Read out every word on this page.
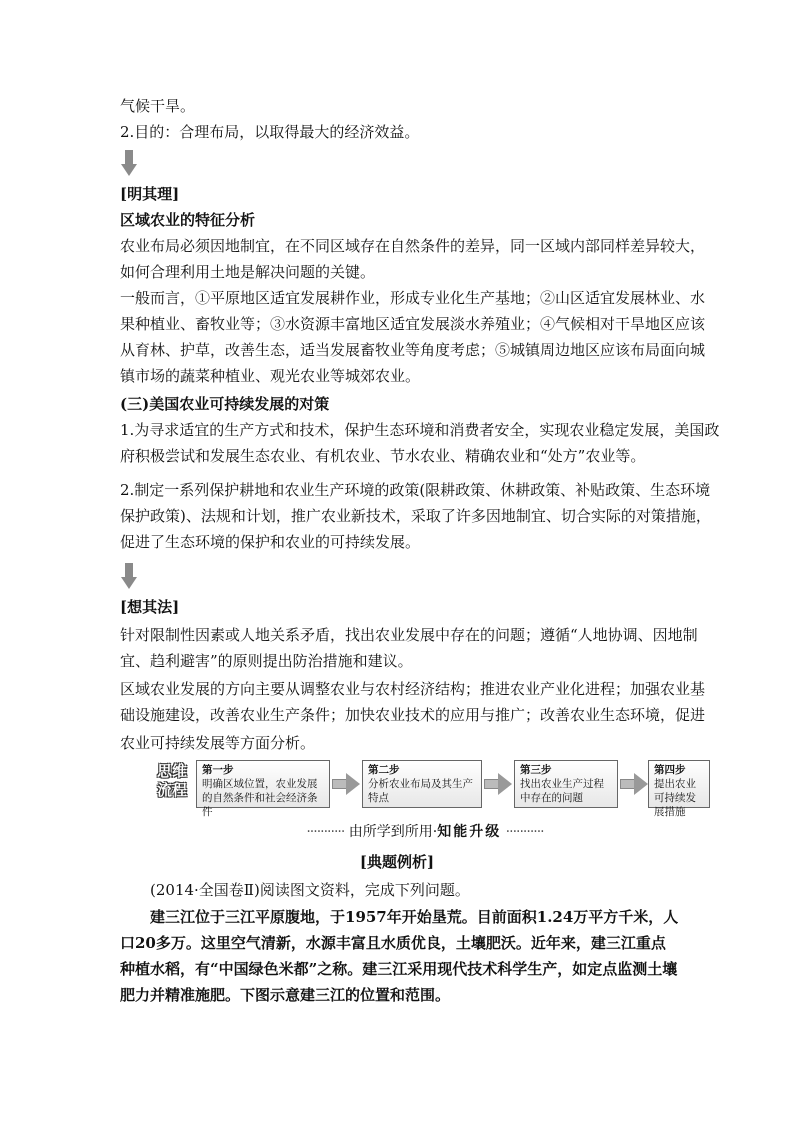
气候干旱。
2.目的：合理布局，以取得最大的经济效益。
[明其理]
区域农业的特征分析
农业布局必须因地制宜，在不同区域存在自然条件的差异，同一区域内部同样差异较大，
如何合理利用土地是解决问题的关键。
一般而言，①平原地区适宜发展耕作业，形成专业化生产基地；②山区适宜发展林业、水
果种植业、畜牧业等；③水资源丰富地区适宜发展淡水养殖业；④气候相对干旱地区应该
从育林、护草，改善生态，适当发展畜牧业等角度考虑；⑤城镇周边地区应该布局面向城
镇市场的蔬菜种植业、观光农业等城郊农业。
(三)美国农业可持续发展的对策
1.为寻求适宜的生产方式和技术，保护生态环境和消费者安全，实现农业稳定发展，美国政
府积极尝试和发展生态农业、有机农业、节水农业、精确农业和“处方”农业等。
2.制定一系列保护耕地和农业生产环境的政策(限耕政策、休耕政策、补贴政策、生态环境
保护政策)、法规和计划，推广农业新技术，采取了许多因地制宜、切合实际的对策措施，
促进了生态环境的保护和农业的可持续发展。
[想其法]
针对限制性因素或人地关系矛盾，找出农业发展中存在的问题；遵循“人地协调、因地制
宜、趋利避害”的原则提出防治措施和建议。
区域农业发展的方向主要从调整农业与农村经济结构；推进农业产业化进程；加强农业基
础设施建设，改善农业生产条件；加快农业技术的应用与推广；改善农业生态环境，促进
农业可持续发展等方面分析。
思维流程
第一步
明确区域位置，农业发展的自然条件和社会经济条件
第二步
分析农业布局及其生产特点
第三步
找出农业生产过程中存在的问题
第四步
提出农业可持续发展措施
··········· 由所学到所用·知能升级 ···········
[典题例析]
(2014·全国卷Ⅱ)阅读图文资料，完成下列问题。
建三江位于三江平原腹地，于1957年开始垦荒。目前面积1.24万平方千米，人口20多万。这里空气清新，水源丰富且水质优良，土壤肥沃。近年来，建三江重点种植水稻，有“中国绿色米都”之称。建三江采用现代技术科学生产，如定点监测土壤肥力并精准施肥。下图示意建三江的位置和范围。
